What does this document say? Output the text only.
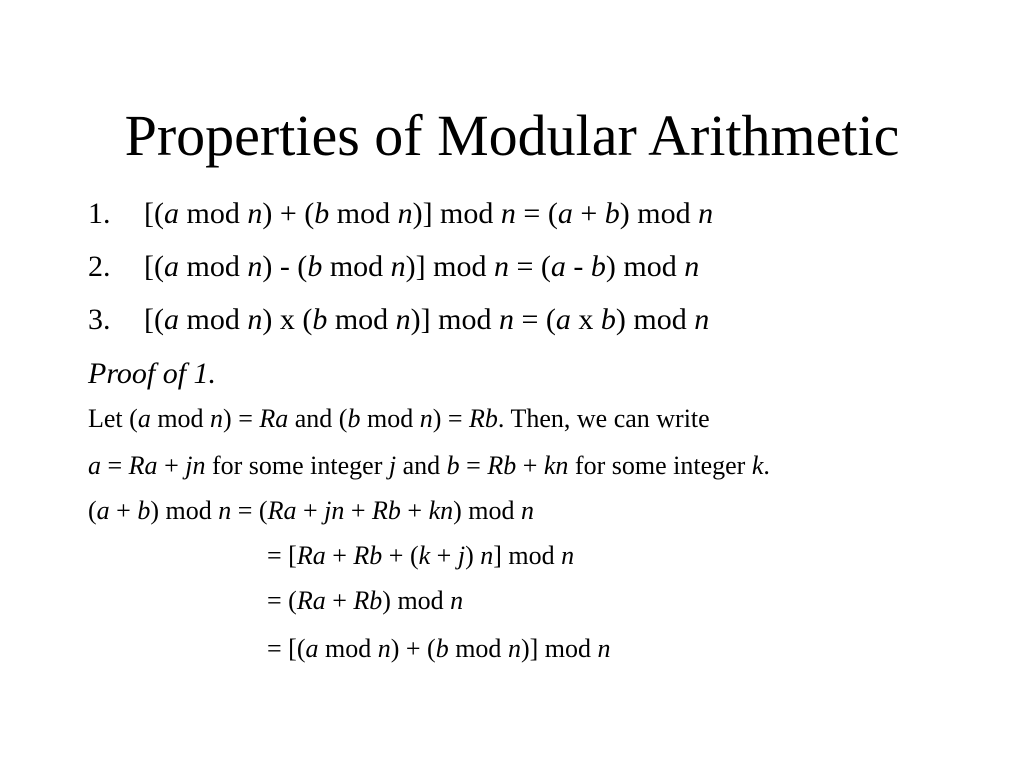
Properties of Modular Arithmetic
1. [(a mod n) + (b mod n)] mod n = (a + b) mod n
2. [(a mod n) - (b mod n)] mod n = (a - b) mod n
3. [(a mod n) x (b mod n)] mod n = (a x b) mod n
Proof of 1.
Let (a mod n) = Ra and (b mod n) = Rb. Then, we can write
a = Ra + jn for some integer j and b = Rb + kn for some integer k.
(a + b) mod n = (Ra + jn + Rb + kn) mod n
= [Ra + Rb + (k + j) n] mod n
= (Ra + Rb) mod n
= [(a mod n) + (b mod n)] mod n
